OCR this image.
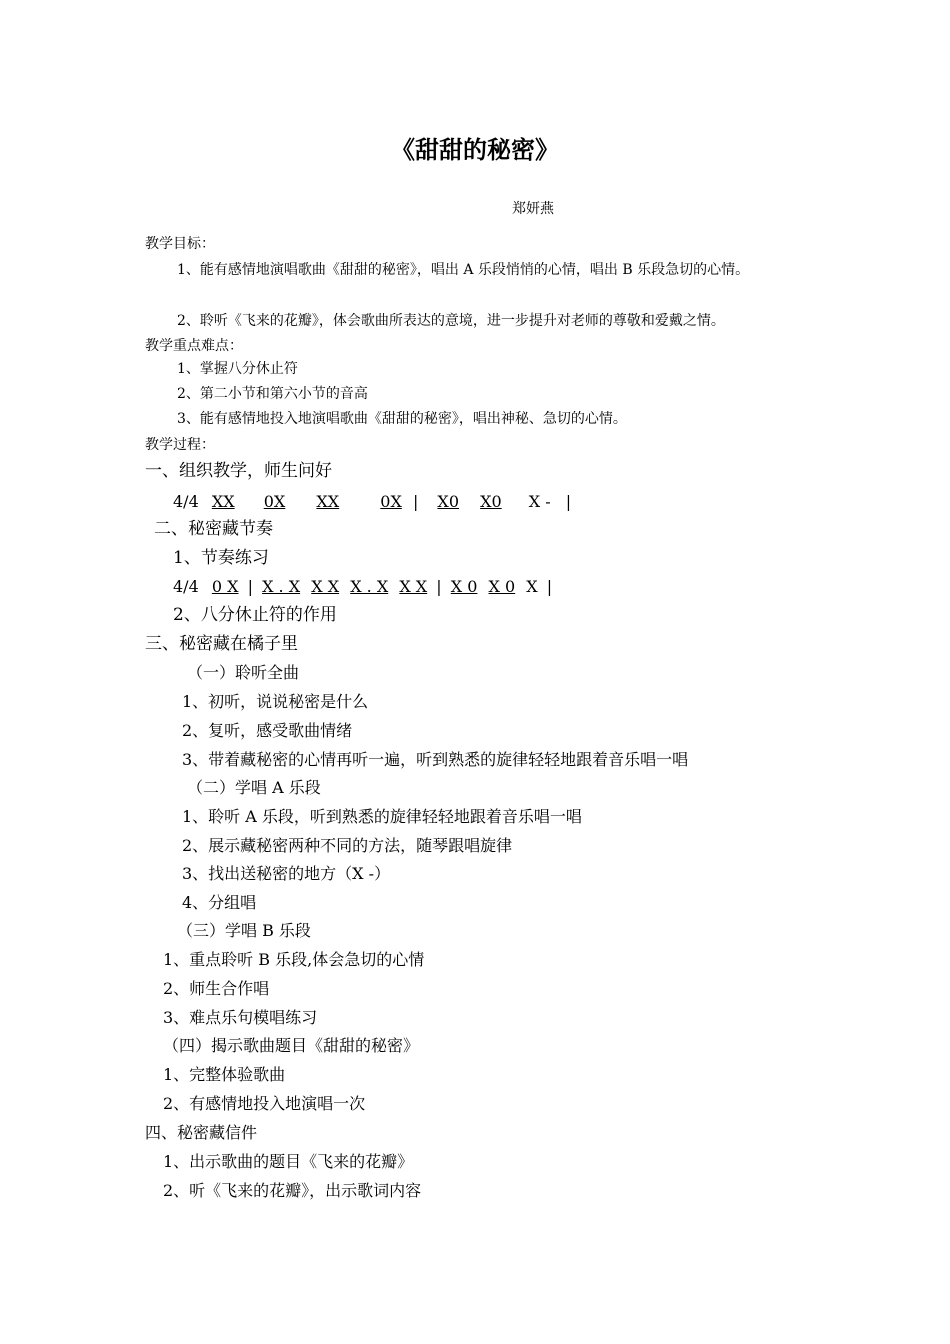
《甜甜的秘密》
郑妍燕
教学目标：
1、能有感情地演唱歌曲《甜甜的秘密》，唱出 A 乐段悄悄的心情，唱出 B 乐段急切的心情。
2、聆听《飞来的花瓣》，体会歌曲所表达的意境，进一步提升对老师的尊敬和爱戴之情。
教学重点难点：
1、掌握八分休止符
2、第二小节和第六小节的音高
3、能有感情地投入地演唱歌曲《甜甜的秘密》，唱出神秘、急切的心情。
教学过程：
一、组织教学，师生问好
4/4 XX 0X XX	0X | X0 X0 X - |
二、秘密藏节奏
1、节奏练习
4/4 0 X | X . X X X X . X X X | X 0 X 0 X |
2、八分休止符的作用
三、秘密藏在橘子里
（一）聆听全曲
1、初听，说说秘密是什么
2、复听，感受歌曲情绪
3、带着藏秘密的心情再听一遍，听到熟悉的旋律轻轻地跟着音乐唱一唱
（二）学唱 A 乐段
1、聆听 A 乐段，听到熟悉的旋律轻轻地跟着音乐唱一唱
2、展示藏秘密两种不同的方法，随琴跟唱旋律
3、找出送秘密的地方（X -）
4、分组唱
（三）学唱 B 乐段
1、重点聆听 B 乐段,体会急切的心情
2、师生合作唱
3、难点乐句模唱练习
（四）揭示歌曲题目《甜甜的秘密》
1、完整体验歌曲
2、有感情地投入地演唱一次
四、秘密藏信件
1、出示歌曲的题目《飞来的花瓣》
2、听《飞来的花瓣》，出示歌词内容
